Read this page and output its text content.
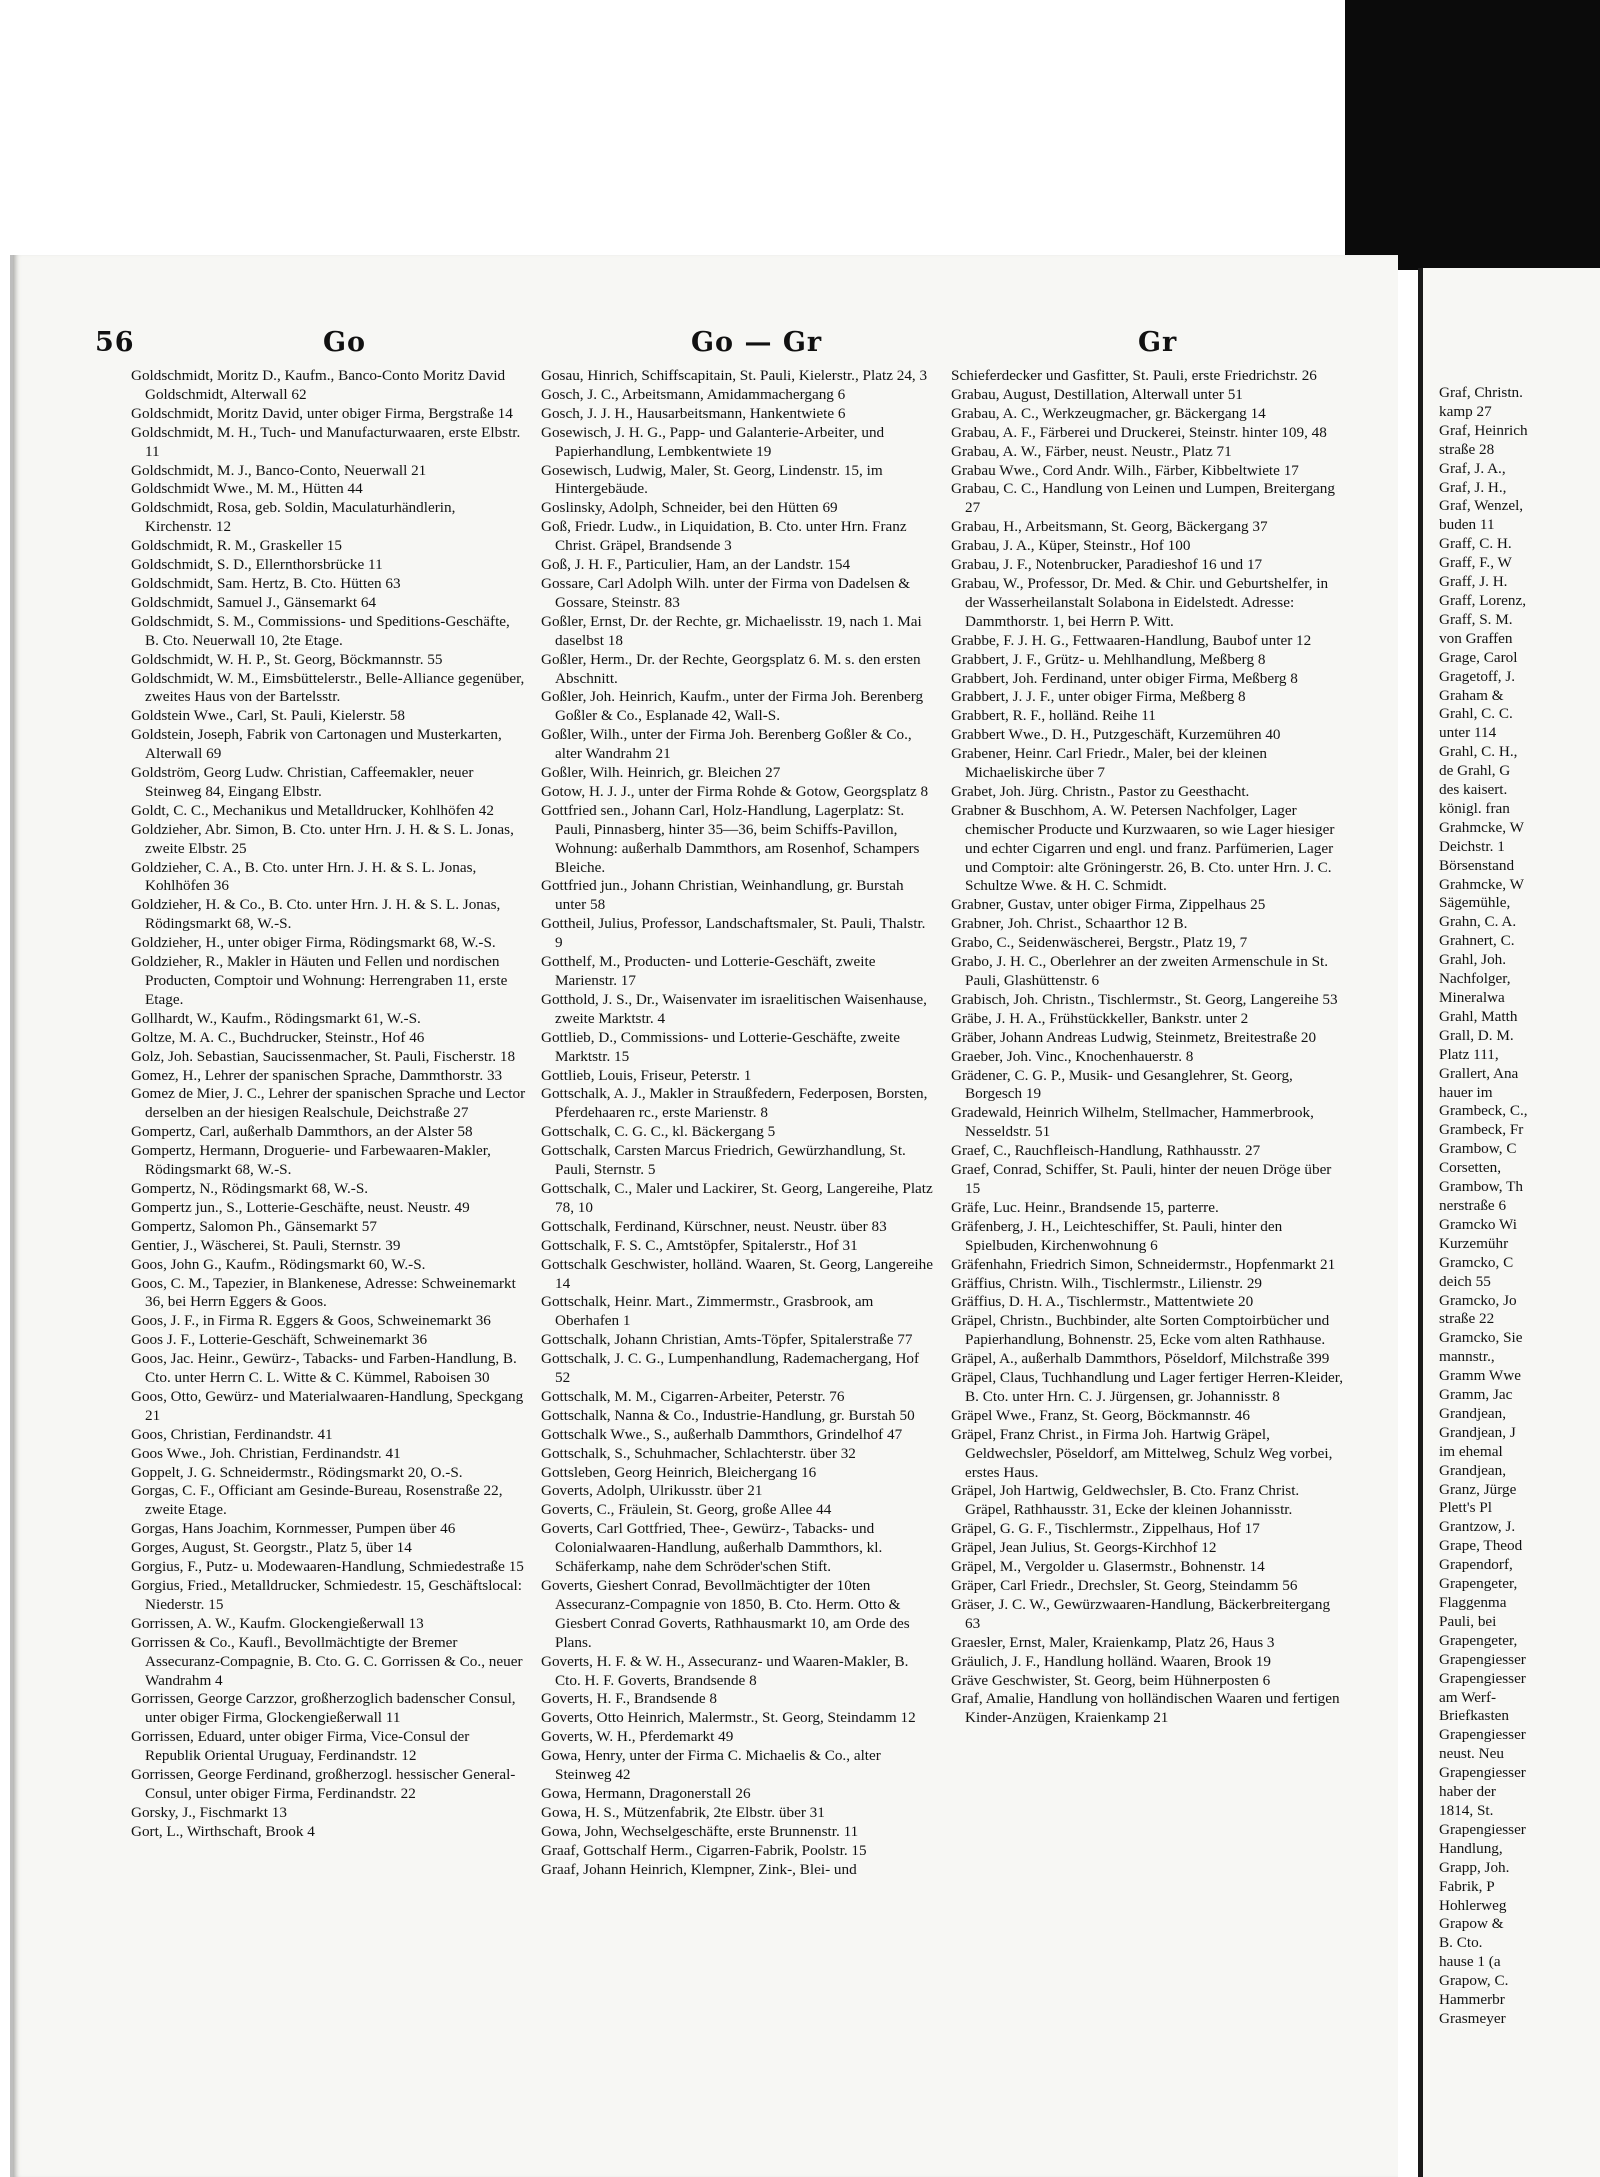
56	Go	Go — Gr	Gr

Goldschmidt, Moritz D., Kaufm., Banco-Conto Moritz David Goldschmidt, Alterwall 62

Goldschmidt, Moritz David, unter obiger Firma, Bergstraße 14

Goldschmidt, M. H., Tuch- und Manufacturwaaren, erste Elbstr. 11

Goldschmidt, M. J., Banco-Conto, Neuerwall 21

Goldschmidt Wwe., M. M., Hütten 44

Goldschmidt, Rosa, geb. Soldin, Maculaturhändlerin, Kirchenstr. 12

Goldschmidt, R. M., Graskeller 15

Goldschmidt, S. D., Ellernthorsbrücke 11

Goldschmidt, Sam. Hertz, B. Cto. Hütten 63

Goldschmidt, Samuel J., Gänsemarkt 64

Goldschmidt, S. M., Commissions- und Speditions-Geschäfte, B. Cto. Neuerwall 10, 2te Etage.

Goldschmidt, W. H. P., St. Georg, Böckmannstr. 55

Goldschmidt, W. M., Eimsbüttelerstr., Belle-Alliance gegenüber, zweites Haus von der Bartelsstr.

Goldstein Wwe., Carl, St. Pauli, Kielerstr. 58

Goldstein, Joseph, Fabrik von Cartonagen und Musterkarten, Alterwall 69

Goldström, Georg Ludw. Christian, Caffeemakler, neuer Steinweg 84, Eingang Elbstr.

Goldt, C. C., Mechanikus und Metalldrucker, Kohlhöfen 42

Goldzieher, Abr. Simon, B. Cto. unter Hrn. J. H. & S. L. Jonas, zweite Elbstr. 25

Goldzieher, C. A., B. Cto. unter Hrn. J. H. & S. L. Jonas, Kohlhöfen 36

Goldzieher, H. & Co., B. Cto. unter Hrn. J. H. & S. L. Jonas, Rödingsmarkt 68, W.-S.

Goldzieher, H., unter obiger Firma, Rödingsmarkt 68, W.-S.

Goldzieher, R., Makler in Häuten und Fellen und nordischen Producten, Comptoir und Wohnung: Herrengraben 11, erste Etage.

Gollhardt, W., Kaufm., Rödingsmarkt 61, W.-S.

Goltze, M. A. C., Buchdrucker, Steinstr., Hof 46

Golz, Joh. Sebastian, Saucissenmacher, St. Pauli, Fischerstr. 18

Gomez, H., Lehrer der spanischen Sprache, Dammthorstr. 33

Gomez de Mier, J. C., Lehrer der spanischen Sprache und Lector derselben an der hiesigen Realschule, Deichstraße 27

Gompertz, Carl, außerhalb Dammthors, an der Alster 58

Gompertz, Hermann, Droguerie- und Farbewaaren-Makler, Rödingsmarkt 68, W.-S.

Gompertz, N., Rödingsmarkt 68, W.-S.

Gompertz jun., S., Lotterie-Geschäfte, neust. Neustr. 49

Gompertz, Salomon Ph., Gänsemarkt 57

Gentier, J., Wäscherei, St. Pauli, Sternstr. 39

Goos, John G., Kaufm., Rödingsmarkt 60, W.-S.

Goos, C. M., Tapezier, in Blankenese, Adresse: Schweinemarkt 36, bei Herrn Eggers & Goos.

Goos, J. F., in Firma R. Eggers & Goos, Schweinemarkt 36

Goos J. F., Lotterie-Geschäft, Schweinemarkt 36

Goos, Jac. Heinr., Gewürz-, Tabacks- und Farben-Handlung, B. Cto. unter Herrn C. L. Witte & C. Kümmel, Raboisen 30

Goos, Otto, Gewürz- und Materialwaaren-Handlung, Speckgang 21

Goos, Christian, Ferdinandstr. 41

Goos Wwe., Joh. Christian, Ferdinandstr. 41

Goppelt, J. G. Schneidermstr., Rödingsmarkt 20, O.-S.

Gorgas, C. F., Officiant am Gesinde-Bureau, Rosenstraße 22, zweite Etage.

Gorgas, Hans Joachim, Kornmesser, Pumpen über 46

Gorges, August, St. Georgstr., Platz 5, über 14

Gorgius, F., Putz- u. Modewaaren-Handlung, Schmiedestraße 15

Gorgius, Fried., Metalldrucker, Schmiedestr. 15, Geschäftslocal: Niederstr. 15

Gorrissen, A. W., Kaufm. Glockengießerwall 13

Gorrissen & Co., Kaufl., Bevollmächtigte der Bremer Assecuranz-Compagnie, B. Cto. G. C. Gorrissen & Co., neuer Wandrahm 4

Gorrissen, George Carzzor, großherzoglich badenscher Consul, unter obiger Firma, Glockengießerwall 11

Gorrissen, Eduard, unter obiger Firma, Vice-Consul der Republik Oriental Uruguay, Ferdinandstr. 12

Gorrissen, George Ferdinand, großherzogl. hessischer General-Consul, unter obiger Firma, Ferdinandstr. 22

Gorsky, J., Fischmarkt 13

Gort, L., Wirthschaft, Brook 4

Gosau, Hinrich, Schiffscapitain, St. Pauli, Kielerstr., Platz 24, 3

Gosch, J. C., Arbeitsmann, Amidammachergang 6

Gosch, J. J. H., Hausarbeitsmann, Hankentwiete 6

Gosewisch, J. H. G., Papp- und Galanterie-Arbeiter, und Papierhandlung, Lembkentwiete 19

Gosewisch, Ludwig, Maler, St. Georg, Lindenstr. 15, im Hintergebäude.

Goslinsky, Adolph, Schneider, bei den Hütten 69

Goß, Friedr. Ludw., in Liquidation, B. Cto. unter Hrn. Franz Christ. Gräpel, Brandsende 3

Goß, J. H. F., Particulier, Ham, an der Landstr. 154

Gossare, Carl Adolph Wilh. unter der Firma von Dadelsen & Gossare, Steinstr. 83

Goßler, Ernst, Dr. der Rechte, gr. Michaelisstr. 19, nach 1. Mai daselbst 18

Goßler, Herm., Dr. der Rechte, Georgsplatz 6. M. s. den ersten Abschnitt.

Goßler, Joh. Heinrich, Kaufm., unter der Firma Joh. Berenberg Goßler & Co., Esplanade 42, Wall-S.

Goßler, Wilh., unter der Firma Joh. Berenberg Goßler & Co., alter Wandrahm 21

Goßler, Wilh. Heinrich, gr. Bleichen 27

Gotow, H. J. J., unter der Firma Rohde & Gotow, Georgsplatz 8

Gottfried sen., Johann Carl, Holz-Handlung, Lagerplatz: St. Pauli, Pinnasberg, hinter 35—36, beim Schiffs-Pavillon, Wohnung: außerhalb Dammthors, am Rosenhof, Schampers Bleiche.

Gottfried jun., Johann Christian, Weinhandlung, gr. Burstah unter 58

Gottheil, Julius, Professor, Landschaftsmaler, St. Pauli, Thalstr. 9

Gotthelf, M., Producten- und Lotterie-Geschäft, zweite Marienstr. 17

Gotthold, J. S., Dr., Waisenvater im israelitischen Waisenhause, zweite Marktstr. 4

Gottlieb, D., Commissions- und Lotterie-Geschäfte, zweite Marktstr. 15

Gottlieb, Louis, Friseur, Peterstr. 1

Gottschalk, A. J., Makler in Straußfedern, Federposen, Borsten, Pferdehaaren rc., erste Marienstr. 8

Gottschalk, C. G. C., kl. Bäckergang 5

Gottschalk, Carsten Marcus Friedrich, Gewürzhandlung, St. Pauli, Sternstr. 5

Gottschalk, C., Maler und Lackirer, St. Georg, Langereihe, Platz 78, 10

Gottschalk, Ferdinand, Kürschner, neust. Neustr. über 83

Gottschalk, F. S. C., Amtstöpfer, Spitalerstr., Hof 31

Gottschalk Geschwister, holländ. Waaren, St. Georg, Langereihe 14

Gottschalk, Heinr. Mart., Zimmermstr., Grasbrook, am Oberhafen 1

Gottschalk, Johann Christian, Amts-Töpfer, Spitalerstraße 77

Gottschalk, J. C. G., Lumpenhandlung, Rademachergang, Hof 52

Gottschalk, M. M., Cigarren-Arbeiter, Peterstr. 76

Gottschalk, Nanna & Co., Industrie-Handlung, gr. Burstah 50

Gottschalk Wwe., S., außerhalb Dammthors, Grindelhof 47

Gottschalk, S., Schuhmacher, Schlachterstr. über 32

Gottsleben, Georg Heinrich, Bleichergang 16

Goverts, Adolph, Ulrikusstr. über 21

Goverts, C., Fräulein, St. Georg, große Allee 44

Goverts, Carl Gottfried, Thee-, Gewürz-, Tabacks- und Colonialwaaren-Handlung, außerhalb Dammthors, kl. Schäferkamp, nahe dem Schröder'schen Stift.

Goverts, Gieshert Conrad, Bevollmächtigter der 10ten Assecuranz-Compagnie von 1850, B. Cto. Herm. Otto & Giesbert Conrad Goverts, Rathhausmarkt 10, am Orde des Plans.

Goverts, H. F. & W. H., Assecuranz- und Waaren-Makler, B. Cto. H. F. Goverts, Brandsende 8

Goverts, H. F., Brandsende 8

Goverts, Otto Heinrich, Malermstr., St. Georg, Steindamm 12

Goverts, W. H., Pferdemarkt 49

Gowa, Henry, unter der Firma C. Michaelis & Co., alter Steinweg 42

Gowa, Hermann, Dragonerstall 26

Gowa, H. S., Mützenfabrik, 2te Elbstr. über 31

Gowa, John, Wechselgeschäfte, erste Brunnenstr. 11

Graaf, Gottschalf Herm., Cigarren-Fabrik, Poolstr. 15

Graaf, Johann Heinrich, Klempner, Zink-, Blei- und

Schieferdecker und Gasfitter, St. Pauli, erste Friedrichstr. 26

Grabau, August, Destillation, Alterwall unter 51

Grabau, A. C., Werkzeugmacher, gr. Bäckergang 14

Grabau, A. F., Färberei und Druckerei, Steinstr. hinter 109, 48

Grabau, A. W., Färber, neust. Neustr., Platz 71

Grabau Wwe., Cord Andr. Wilh., Färber, Kibbeltwiete 17

Grabau, C. C., Handlung von Leinen und Lumpen, Breitergang 27

Grabau, H., Arbeitsmann, St. Georg, Bäckergang 37

Grabau, J. A., Küper, Steinstr., Hof 100

Grabau, J. F., Notenbrucker, Paradieshof 16 und 17

Grabau, W., Professor, Dr. Med. & Chir. und Geburtshelfer, in der Wasserheilanstalt Solabona in Eidelstedt. Adresse: Dammthorstr. 1, bei Herrn P. Witt.

Grabbe, F. J. H. G., Fettwaaren-Handlung, Baubof unter 12

Grabbert, J. F., Grütz- u. Mehlhandlung, Meßberg 8

Grabbert, Joh. Ferdinand, unter obiger Firma, Meßberg 8

Grabbert, J. J. F., unter obiger Firma, Meßberg 8

Grabbert, R. F., holländ. Reihe 11

Grabbert Wwe., D. H., Putzgeschäft, Kurzemühren 40

Grabener, Heinr. Carl Friedr., Maler, bei der kleinen Michaeliskirche über 7

Grabet, Joh. Jürg. Christn., Pastor zu Geesthacht.

Grabner & Buschhom, A. W. Petersen Nachfolger, Lager chemischer Producte und Kurzwaaren, so wie Lager hiesiger und echter Cigarren und engl. und franz. Parfümerien, Lager und Comptoir: alte Gröningerstr. 26, B. Cto. unter Hrn. J. C. Schultze Wwe. & H. C. Schmidt.

Grabner, Gustav, unter obiger Firma, Zippelhaus 25

Grabner, Joh. Christ., Schaarthor 12 B.

Grabo, C., Seidenwäscherei, Bergstr., Platz 19, 7

Grabo, J. H. C., Oberlehrer an der zweiten Armenschule in St. Pauli, Glashüttenstr. 6

Grabisch, Joh. Christn., Tischlermstr., St. Georg, Langereihe 53

Gräbe, J. H. A., Frühstückkeller, Bankstr. unter 2

Gräber, Johann Andreas Ludwig, Steinmetz, Breitestraße 20

Graeber, Joh. Vinc., Knochenhauerstr. 8

Grädener, C. G. P., Musik- und Gesanglehrer, St. Georg, Borgesch 19

Gradewald, Heinrich Wilhelm, Stellmacher, Hammerbrook, Nesseldstr. 51

Graef, C., Rauchfleisch-Handlung, Rathhausstr. 27

Graef, Conrad, Schiffer, St. Pauli, hinter der neuen Dröge über 15

Gräfe, Luc. Heinr., Brandsende 15, parterre.

Gräfenberg, J. H., Leichteschiffer, St. Pauli, hinter den Spielbuden, Kirchenwohnung 6

Gräfenhahn, Friedrich Simon, Schneidermstr., Hopfenmarkt 21

Gräffius, Christn. Wilh., Tischlermstr., Lilienstr. 29

Gräffius, D. H. A., Tischlermstr., Mattentwiete 20

Gräpel, Christn., Buchbinder, alte Sorten Comptoirbücher und Papierhandlung, Bohnenstr. 25, Ecke vom alten Rathhause.

Gräpel, A., außerhalb Dammthors, Pöseldorf, Milchstraße 399

Gräpel, Claus, Tuchhandlung und Lager fertiger Herren-Kleider, B. Cto. unter Hrn. C. J. Jürgensen, gr. Johannisstr. 8

Gräpel Wwe., Franz, St. Georg, Böckmannstr. 46

Gräpel, Franz Christ., in Firma Joh. Hartwig Gräpel, Geldwechsler, Pöseldorf, am Mittelweg, Schulz Weg vorbei, erstes Haus.

Gräpel, Joh Hartwig, Geldwechsler, B. Cto. Franz Christ. Gräpel, Rathhausstr. 31, Ecke der kleinen Johannisstr.

Gräpel, G. G. F., Tischlermstr., Zippelhaus, Hof 17

Gräpel, Jean Julius, St. Georgs-Kirchhof 12

Gräpel, M., Vergolder u. Glasermstr., Bohnenstr. 14

Gräper, Carl Friedr., Drechsler, St. Georg, Steindamm 56

Gräser, J. C. W., Gewürzwaaren-Handlung, Bäckerbreitergang 63

Graesler, Ernst, Maler, Kraienkamp, Platz 26, Haus 3

Gräulich, J. F., Handlung holländ. Waaren, Brook 19

Gräve Geschwister, St. Georg, beim Hühnerposten 6

Graf, Amalie, Handlung von holländischen Waaren und fertigen Kinder-Anzügen, Kraienkamp 21

Graf, Christn.

kamp 27

Graf, Heinrich

straße 28

Graf, J. A.,

Graf, J. H.,

Graf, Wenzel,

buden 11

Graff, C. H.

Graff, F., W

Graff, J. H.

Graff, Lorenz,

Graff, S. M.

von Graffen

Grage, Carol

Gragetoff, J.

Graham &

Grahl, C. C.

unter 114

Grahl, C. H.,

de Grahl, G

des kaisert.

königl. fran

Grahmcke, W

Deichstr. 1

Börsenstand

Grahmcke, W

Sägemühle,

Grahn, C. A.

Grahnert, C.

Grahl, Joh.

Nachfolger,

Mineralwa

Grahl, Matth

Grall, D. M.

Platz 111,

Grallert, Ana

hauer im

Grambeck, C.,

Grambeck, Fr

Grambow, C

Corsetten,

Grambow, Th

nerstraße 6

Gramcko Wi

Kurzemühr

Gramcko, C

deich 55

Gramcko, Jo

straße 22

Gramcko, Sie

mannstr.,

Gramm Wwe

Gramm, Jac

Grandjean,

Grandjean, J

im ehemal

Grandjean,

Granz, Jürge

Plett's Pl

Grantzow, J.

Grape, Theod

Grapendorf,

Grapengeter,

Flaggenma

Pauli, bei

Grapengeter,

Grapengiesser

Grapengiesser

am Werf-

Briefkasten

Grapengiesser

neust. Neu

Grapengiesser

haber der

1814, St.

Grapengiesser

Handlung,

Grapp, Joh.

Fabrik, P

Hohlerweg

Grapow &

B. Cto.

hause 1 (a

Grapow, C.

Hammerbr

Grasmeyer
